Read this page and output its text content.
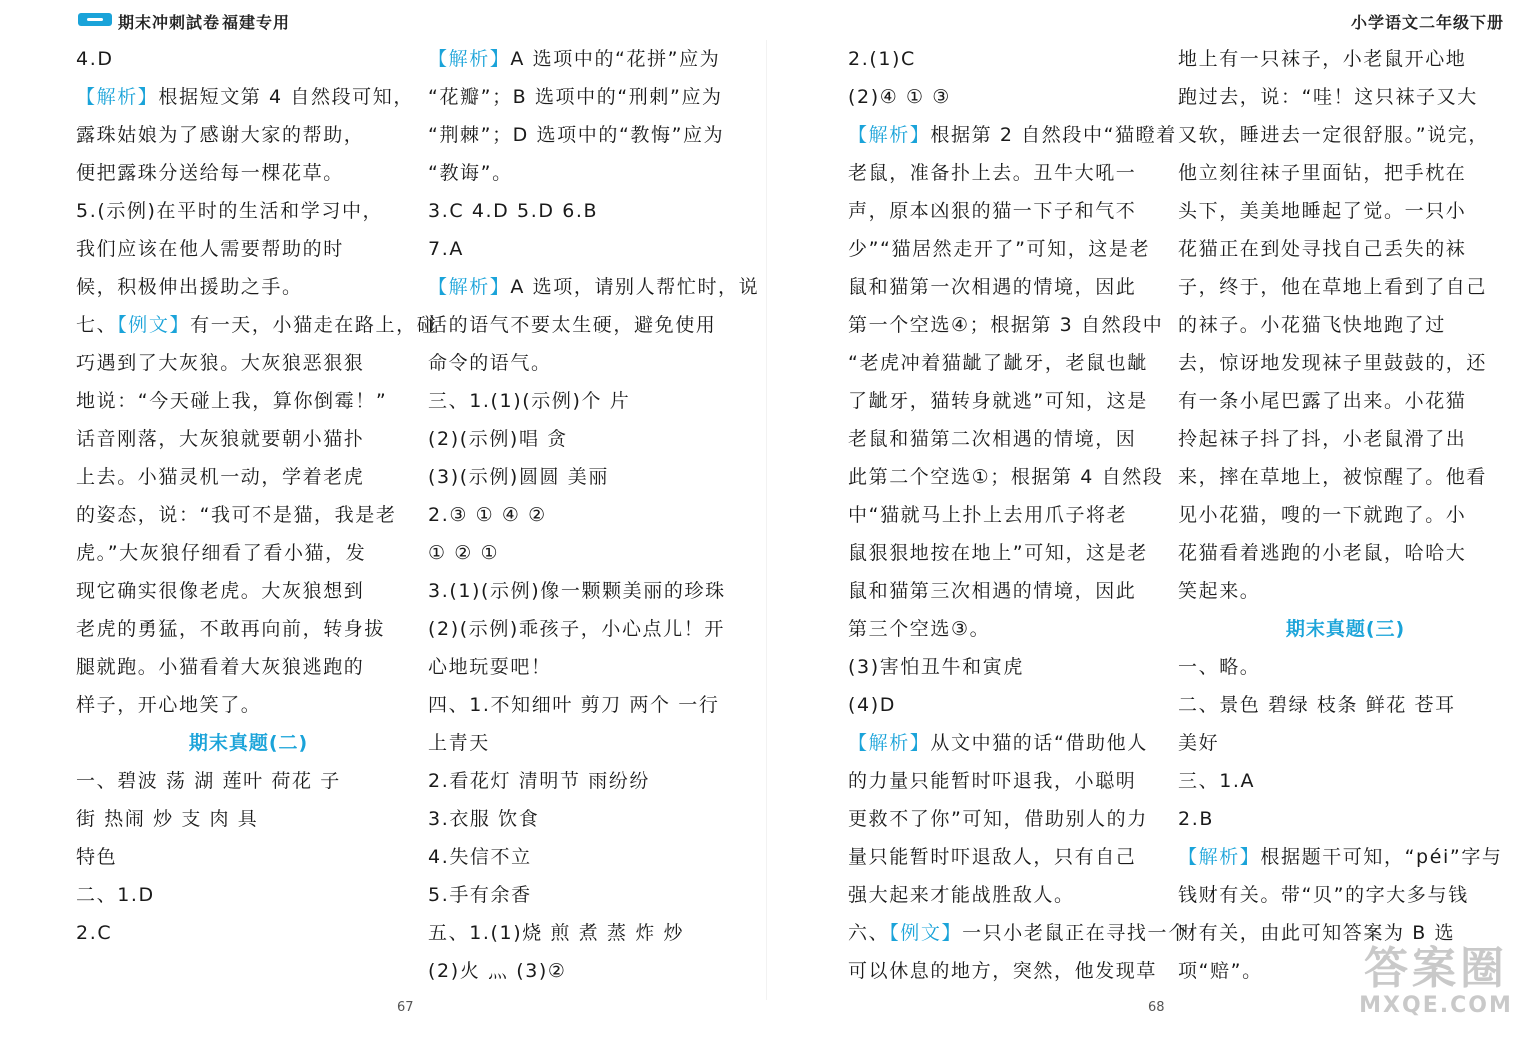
期末冲刺試卷 福建专用	小学语文二年级下册
4.D
【解析】根据短文第 4 自然段可知，
露珠姑娘为了感谢大家的帮助，
便把露珠分送给每一棵花草。
5.(示例)在平时的生活和学习中，
我们应该在他人需要帮助的时
候，积极伸出援助之手。
七、【例文】有一天，小猫走在路上，碰
巧遇到了大灰狼。大灰狼恶狠狠
地说：“今天碰上我，算你倒霉！”
话音刚落，大灰狼就要朝小猫扑
上去。小猫灵机一动，学着老虎
的姿态，说：“我可不是猫，我是老
虎。”大灰狼仔细看了看小猫，发
现它确实很像老虎。大灰狼想到
老虎的勇猛，不敢再向前，转身拔
腿就跑。小猫看着大灰狼逃跑的
样子，开心地笑了。
期末真题(二)
一、碧波 荡 湖 莲叶 荷花 子
街 热闹 炒 支 肉 具
特色
二、1.D
2.C
【解析】A 选项中的“花拼”应为
“花瓣”；B 选项中的“刑剌”应为
“荆棘”；D 选项中的“教悔”应为
“教诲”。
3.C 4.D 5.D 6.B
7.A
【解析】A 选项，请别人帮忙时，说
话的语气不要太生硬，避免使用
命令的语气。
三、1.(1)(示例)个 片
(2)(示例)唱 贪
(3)(示例)圆圆 美丽
2.③ ① ④ ②
① ② ①
3.(1)(示例)像一颗颗美丽的珍珠
(2)(示例)乖孩子，小心点儿！开
心地玩耍吧！
四、1.不知细叶 剪刀 两个 一行
上青天
2.看花灯 清明节 雨纷纷
3.衣服 饮食
4.失信不立
5.手有余香
五、1.(1)烧 煎 煮 蒸 炸 炒
(2)火 灬 (3)②
2.(1)C
(2)④ ① ③
【解析】根据第 2 自然段中“猫瞪着
老鼠，准备扑上去。丑牛大吼一
声，原本凶狠的猫一下子和气不
少”“猫居然走开了”可知，这是老
鼠和猫第一次相遇的情境，因此
第一个空选④；根据第 3 自然段中
“老虎冲着猫龇了龇牙，老鼠也龇
了龇牙，猫转身就逃”可知，这是
老鼠和猫第二次相遇的情境，因
此第二个空选①；根据第 4 自然段
中“猫就马上扑上去用爪子将老
鼠狠狠地按在地上”可知，这是老
鼠和猫第三次相遇的情境，因此
第三个空选③。
(3)害怕丑牛和寅虎
(4)D
【解析】从文中猫的话“借助他人
的力量只能暂时吓退我，小聪明
更救不了你”可知，借助别人的力
量只能暂时吓退敌人，只有自己
强大起来才能战胜敌人。
六、【例文】一只小老鼠正在寻找一个
可以休息的地方，突然，他发现草
地上有一只袜子，小老鼠开心地
跑过去，说：“哇！这只袜子又大
又软，睡进去一定很舒服。”说完，
他立刻往袜子里面钻，把手枕在
头下，美美地睡起了觉。一只小
花猫正在到处寻找自己丢失的袜
子，终于，他在草地上看到了自己
的袜子。小花猫飞快地跑了过
去，惊讶地发现袜子里鼓鼓的，还
有一条小尾巴露了出来。小花猫
拎起袜子抖了抖，小老鼠滑了出
来，摔在草地上，被惊醒了。他看
见小花猫，嗖的一下就跑了。小
花猫看着逃跑的小老鼠，哈哈大
笑起来。
期末真题(三)
一、略。
二、景色 碧绿 枝条 鲜花 苍耳
美好
三、1.A
2.B
【解析】根据题干可知，“péi”字与
钱财有关。带“贝”的字大多与钱
财有关，由此可知答案为 B 选
项“赔”。
67	68
答案圈
MXQE.COM
